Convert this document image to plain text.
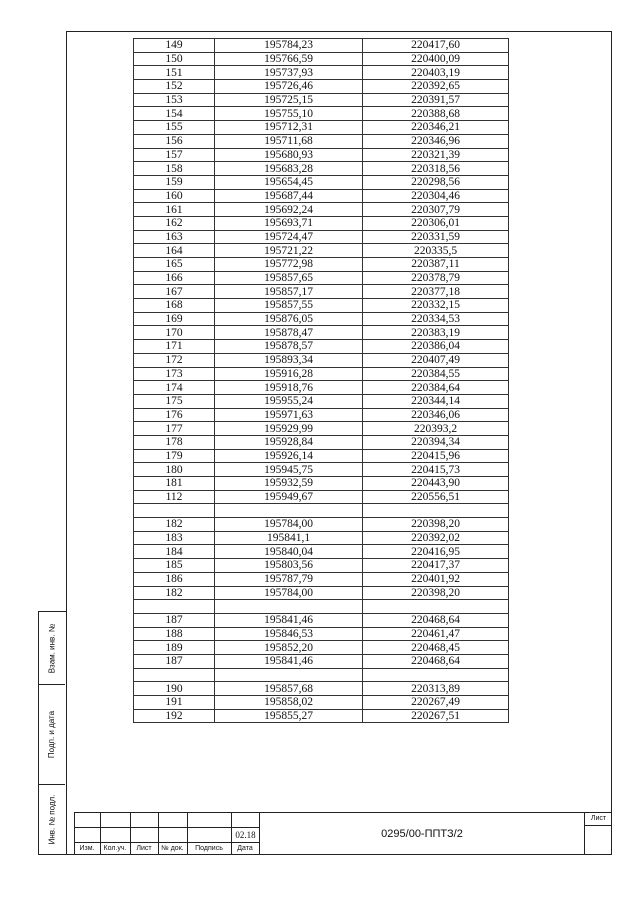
Взам. инв. №
Подп. и дата
Инв. № подл.
149	195784,23	220417,60
150	195766,59	220400,09
151	195737,93	220403,19
152	195726,46	220392,65
153	195725,15	220391,57
154	195755,10	220388,68
155	195712,31	220346,21
156	195711,68	220346,96
157	195680,93	220321,39
158	195683,28	220318,56
159	195654,45	220298,56
160	195687,44	220304,46
161	195692,24	220307,79
162	195693,71	220306,01
163	195724,47	220331,59
164	195721,22	220335,5
165	195772,98	220387,11
166	195857,65	220378,79
167	195857,17	220377,18
168	195857,55	220332,15
169	195876,05	220334,53
170	195878,47	220383,19
171	195878,57	220386,04
172	195893,34	220407,49
173	195916,28	220384,55
174	195918,76	220384,64
175	195955,24	220344,14
176	195971,63	220346,06
177	195929,99	220393,2
178	195928,84	220394,34
179	195926,14	220415,96
180	195945,75	220415,73
181	195932,59	220443,90
112	195949,67	220556,51

182	195784,00	220398,20
183	195841,1	220392,02
184	195840,04	220416,95
185	195803,56	220417,37
186	195787,79	220401,92
182	195784,00	220398,20

187	195841,46	220468,64
188	195846,53	220461,47
189	195852,20	220468,45
187	195841,46	220468,64

190	195857,68	220313,89
191	195858,02	220267,49
192	195855,27	220267,51
Изм.	Кол.уч.	Лист	№ док.	Подпись	Дата
02.18	0295/00-ППТЗ/2
Лист
